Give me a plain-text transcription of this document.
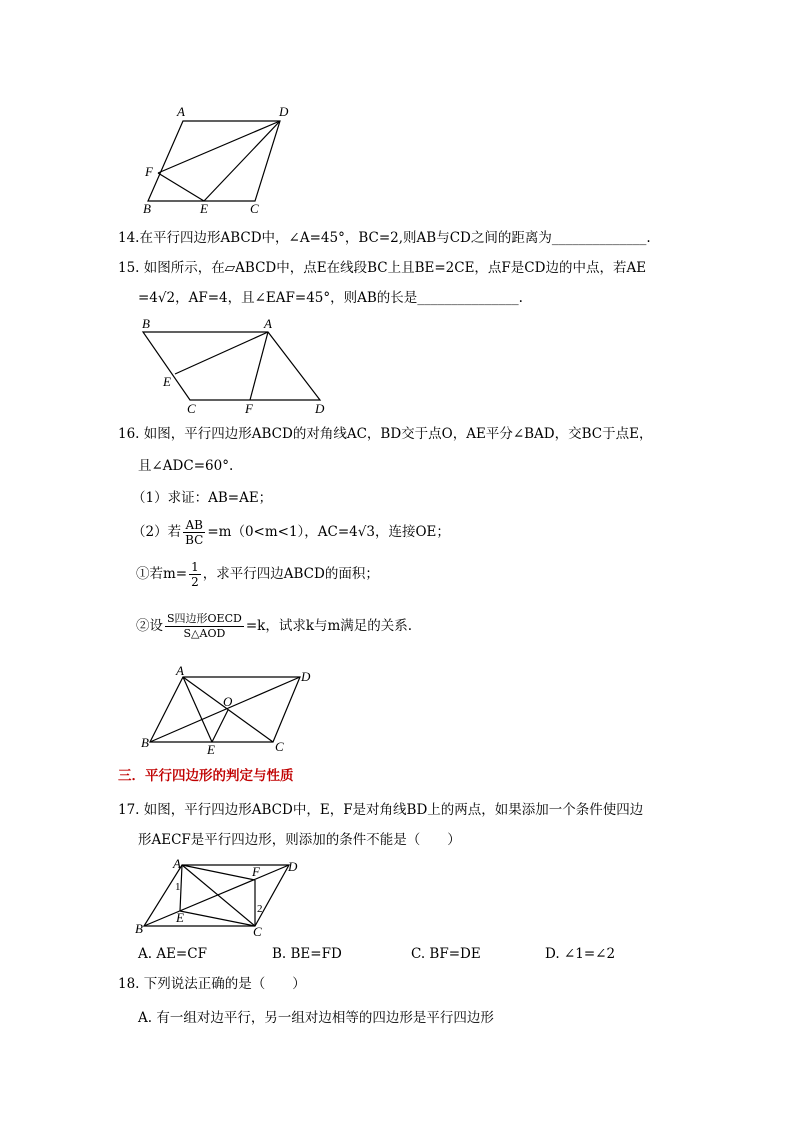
A	D
F
B	E	C
14.在平行四边形ABCD中，∠A=45°，BC=2,则AB与CD之间的距离为______________.
15. 如图所示，在▱ABCD中，点E在线段BC上且BE=2CE，点F是CD边的中点，若AE
=4√2，AF=4，且∠EAF=45°，则AB的长是_______________.
B	A
E
C	F	D
16. 如图，平行四边形ABCD的对角线AC，BD交于点O，AE平分∠BAD，交BC于点E，
且∠ADC=60°.
（1）求证：AB=AE；
（2）若 $\frac{AB}{BC} =m(0<m<1)$，AC=4√3，连接OE；
①若$m= \frac{1}{2}$ ，求平行四边ABCD的面积；
②设 $\frac{\text{S四边形OECD}}{\text{S△AOD}} =k$，试求k与m满足的关系.
A	D
O
B	E	C
三．平行四边形的判定与性质
17. 如图，平行四边形ABCD中，E，F是对角线BD上的两点，如果添加一个条件使四边
形AECF是平行四边形，则添加的条件不能是（　　）
A
F D
1
2
B
E
C
A. AE=CF	B. BE=FD	C. BF=DE	D. ∠1=∠2
18. 下列说法正确的是（　　）
A. 有一组对边平行，另一组对边相等的四边形是平行四边形
